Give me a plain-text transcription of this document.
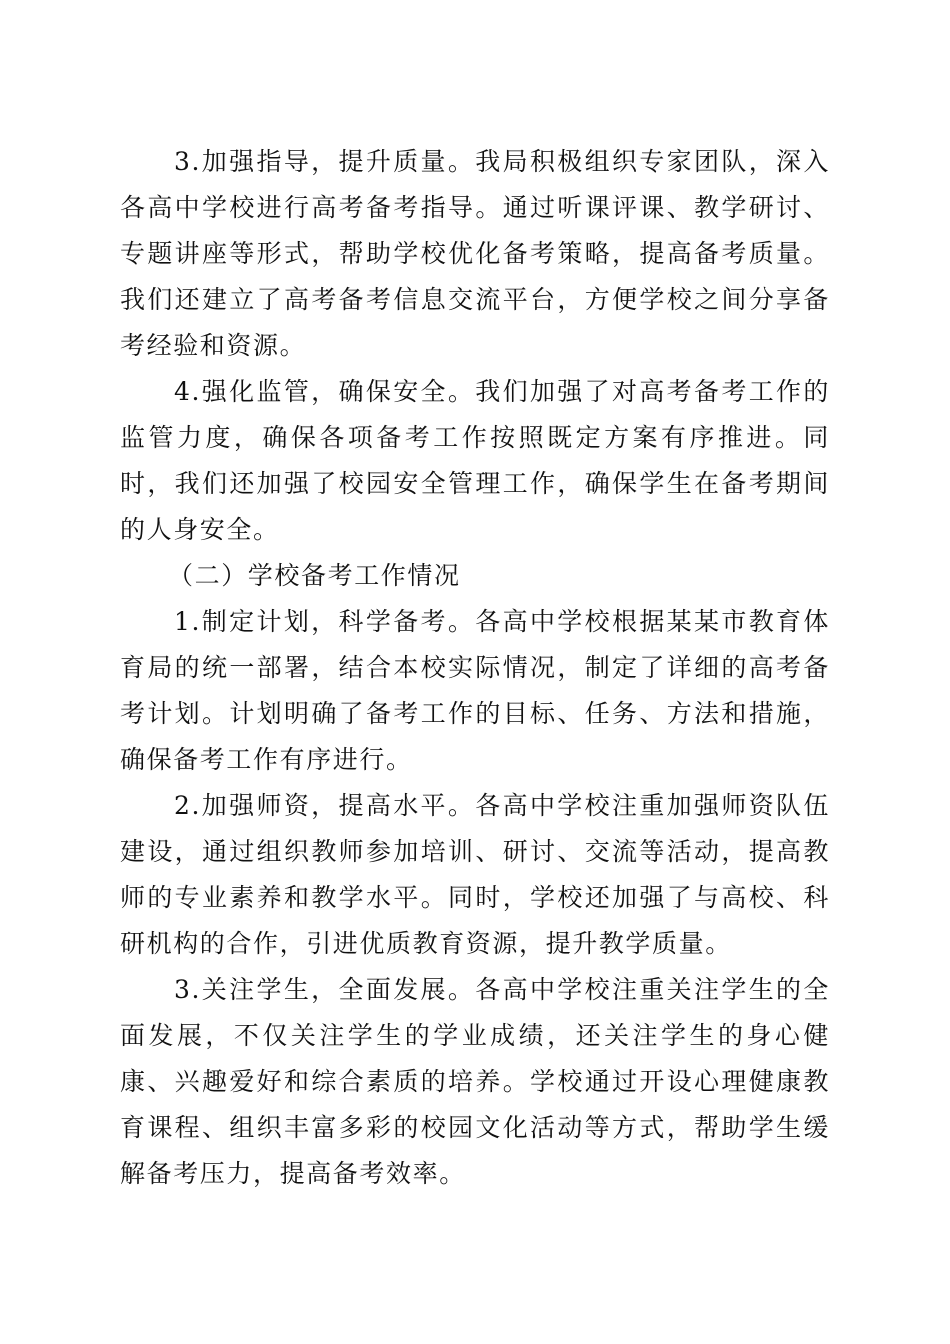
3.加强指导，提升质量。我局积极组织专家团队，深入各高中学校进行高考备考指导。通过听课评课、教学研讨、专题讲座等形式，帮助学校优化备考策略，提高备考质量。我们还建立了高考备考信息交流平台，方便学校之间分享备考经验和资源。

4.强化监管，确保安全。我们加强了对高考备考工作的监管力度，确保各项备考工作按照既定方案有序推进。同时，我们还加强了校园安全管理工作，确保学生在备考期间的人身安全。

（二）学校备考工作情况

1.制定计划，科学备考。各高中学校根据某某市教育体育局的统一部署，结合本校实际情况，制定了详细的高考备考计划。计划明确了备考工作的目标、任务、方法和措施，确保备考工作有序进行。

2.加强师资，提高水平。各高中学校注重加强师资队伍建设，通过组织教师参加培训、研讨、交流等活动，提高教师的专业素养和教学水平。同时，学校还加强了与高校、科研机构的合作，引进优质教育资源，提升教学质量。

3.关注学生，全面发展。各高中学校注重关注学生的全面发展，不仅关注学生的学业成绩，还关注学生的身心健康、兴趣爱好和综合素质的培养。学校通过开设心理健康教育课程、组织丰富多彩的校园文化活动等方式，帮助学生缓解备考压力，提高备考效率。
